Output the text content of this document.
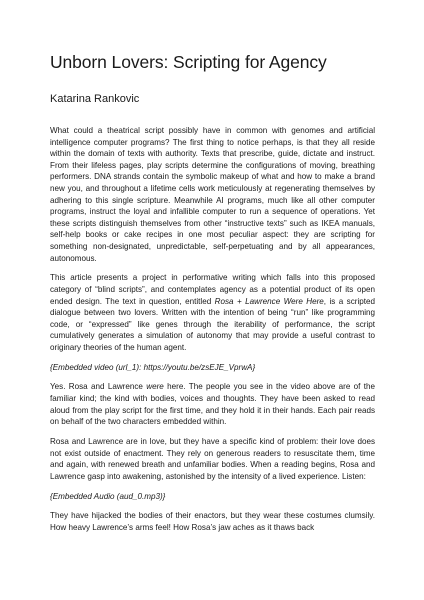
Unborn Lovers: Scripting for Agency
Katarina Rankovic

What could a theatrical script possibly have in common with genomes and artificial intelligence computer programs? The first thing to notice perhaps, is that they all reside within the domain of texts with authority. Texts that prescribe, guide, dictate and instruct. From their lifeless pages, play scripts determine the configurations of moving, breathing performers. DNA strands contain the symbolic makeup of what and how to make a brand new you, and throughout a lifetime cells work meticulously at regenerating themselves by adhering to this single scripture. Meanwhile AI programs, much like all other computer programs, instruct the loyal and infallible computer to run a sequence of operations. Yet these scripts distinguish themselves from other “instructive texts” such as IKEA manuals, self-help books or cake recipes in one most peculiar aspect: they are scripting for something non-designated, unpredictable, self-perpetuating and by all appearances, autonomous.

This article presents a project in performative writing which falls into this proposed category of “blind scripts”, and contemplates agency as a potential product of its open ended design. The text in question, entitled Rosa + Lawrence Were Here, is a scripted dialogue between two lovers. Written with the intention of being “run” like programming code, or “expressed” like genes through the iterability of performance, the script cumulatively generates a simulation of autonomy that may provide a useful contrast to originary theories of the human agent.

{Embedded video (url_1): https://youtu.be/zsEJE_VprwA}

Yes. Rosa and Lawrence were here. The people you see in the video above are of the familiar kind; the kind with bodies, voices and thoughts. They have been asked to read aloud from the play script for the first time, and they hold it in their hands. Each pair reads on behalf of the two characters embedded within.

Rosa and Lawrence are in love, but they have a specific kind of problem: their love does not exist outside of enactment. They rely on generous readers to resuscitate them, time and again, with renewed breath and unfamiliar bodies. When a reading begins, Rosa and Lawrence gasp into awakening, astonished by the intensity of a lived experience. Listen:

{Embedded Audio (aud_0.mp3)}

They have hijacked the bodies of their enactors, but they wear these costumes clumsily. How heavy Lawrence’s arms feel! How Rosa’s jaw aches as it thaws back
